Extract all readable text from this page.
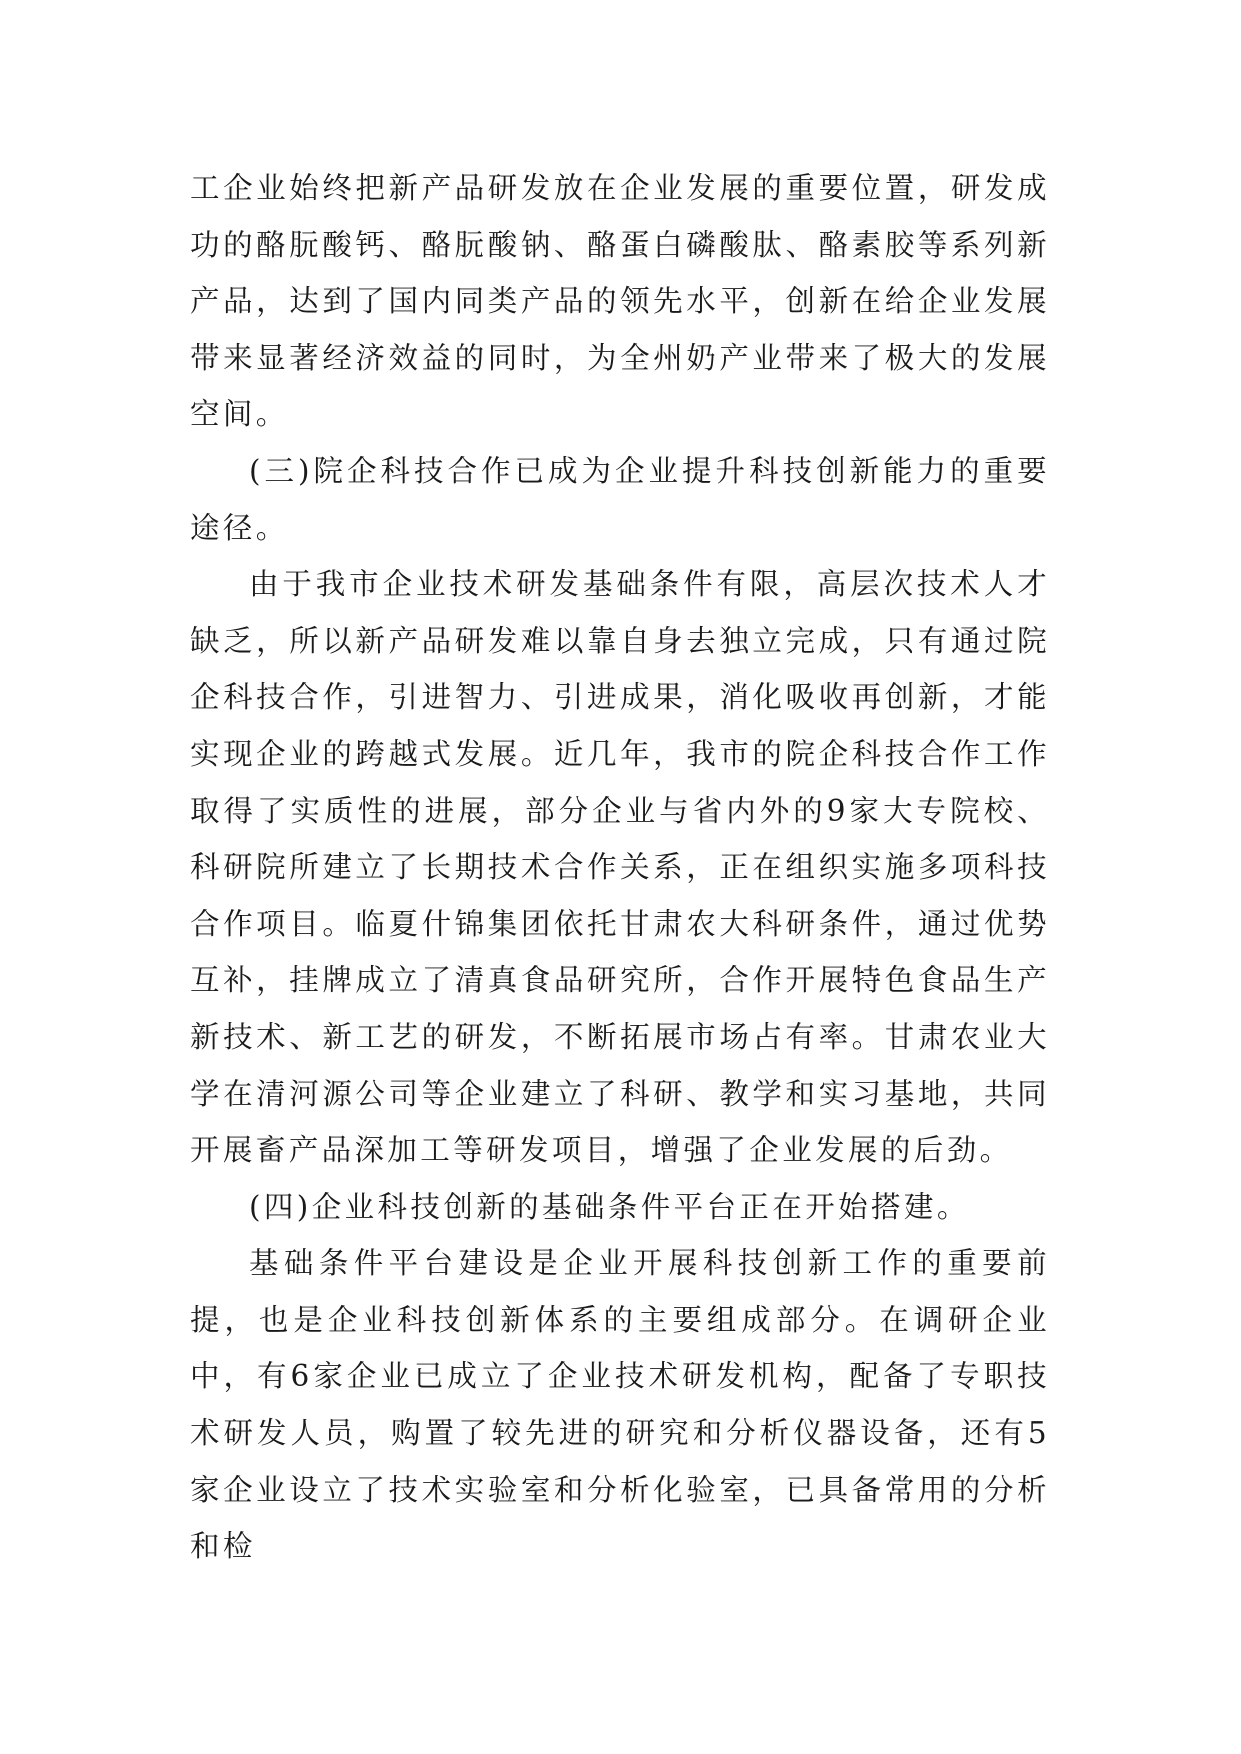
工企业始终把新产品研发放在企业发展的重要位置，研发成功的酪朊酸钙、酪朊酸钠、酪蛋白磷酸肽、酪素胶等系列新产品，达到了国内同类产品的领先水平，创新在给企业发展带来显著经济效益的同时，为全州奶产业带来了极大的发展空间。

(三)院企科技合作已成为企业提升科技创新能力的重要途径。

由于我市企业技术研发基础条件有限，高层次技术人才缺乏，所以新产品研发难以靠自身去独立完成，只有通过院企科技合作，引进智力、引进成果，消化吸收再创新，才能实现企业的跨越式发展。近几年，我市的院企科技合作工作取得了实质性的进展，部分企业与省内外的9家大专院校、科研院所建立了长期技术合作关系，正在组织实施多项科技合作项目。临夏什锦集团依托甘肃农大科研条件，通过优势互补，挂牌成立了清真食品研究所，合作开展特色食品生产新技术、新工艺的研发，不断拓展市场占有率。甘肃农业大学在清河源公司等企业建立了科研、教学和实习基地，共同开展畜产品深加工等研发项目，增强了企业发展的后劲。

(四)企业科技创新的基础条件平台正在开始搭建。

基础条件平台建设是企业开展科技创新工作的重要前提，也是企业科技创新体系的主要组成部分。在调研企业中，有6家企业已成立了企业技术研发机构，配备了专职技术研发人员，购置了较先进的研究和分析仪器设备，还有5家企业设立了技术实验室和分析化验室，已具备常用的分析和检
